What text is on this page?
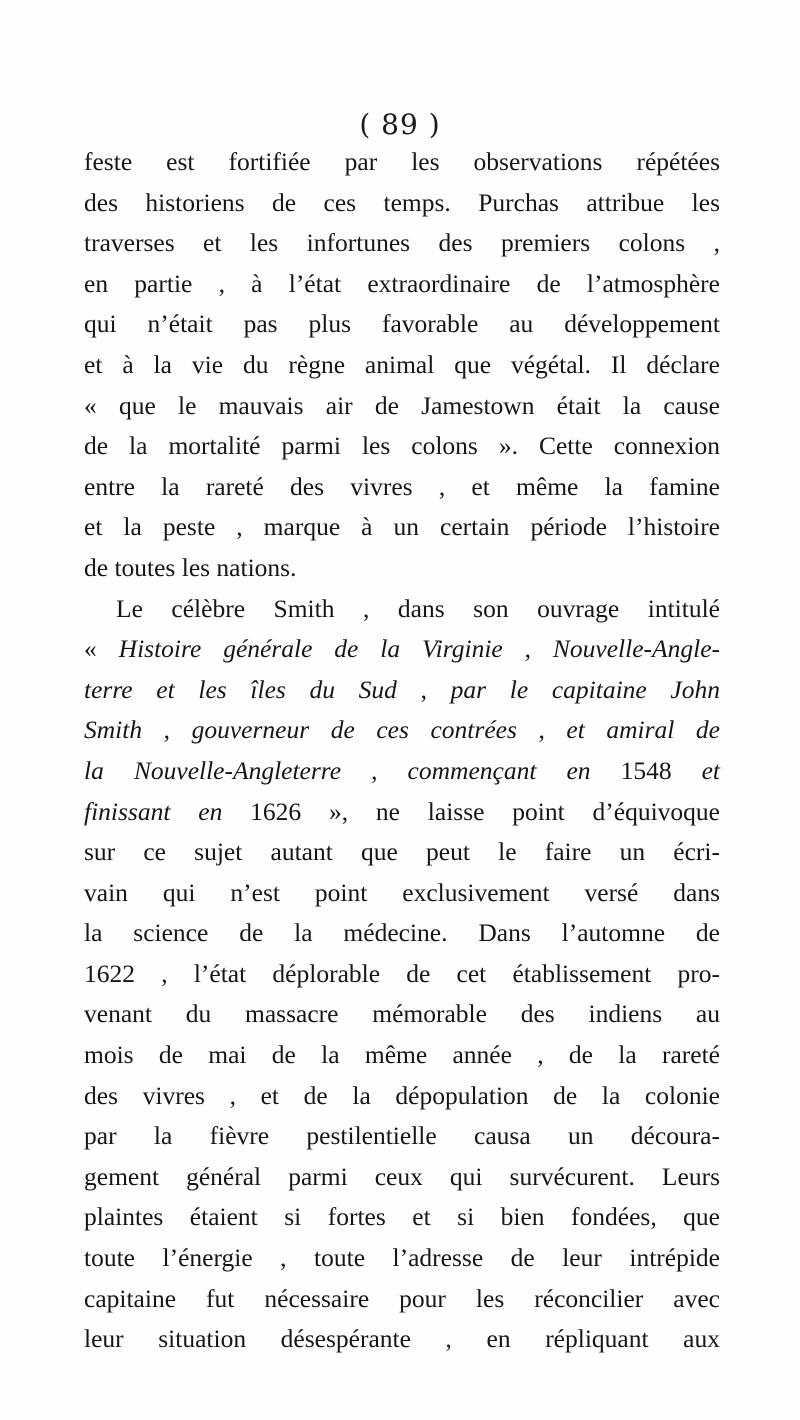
( 89 )
feste est fortifiée par les observations répétées
des historiens de ces temps. Purchas attribue les
traverses et les infortunes des premiers colons ,
en partie , à l’état extraordinaire de l’atmosphère
qui n’était pas plus favorable au développement
et à la vie du règne animal que végétal. Il déclare
« que le mauvais air de Jamestown était la cause
de la mortalité parmi les colons ». Cette connexion
entre la rareté des vivres , et même la famine
et la peste , marque à un certain période l’histoire
de toutes les nations.
Le célèbre Smith , dans son ouvrage intitulé
« Histoire générale de la Virginie , Nouvelle-Angle-
terre et les îles du Sud , par le capitaine John
Smith , gouverneur de ces contrées , et amiral de
la Nouvelle-Angleterre , commençant en 1548 et
finissant en 1626 », ne laisse point d’équivoque
sur ce sujet autant que peut le faire un écri-
vain qui n’est point exclusivement versé dans
la science de la médecine. Dans l’automne de
1622 , l’état déplorable de cet établissement pro-
venant du massacre mémorable des indiens au
mois de mai de la même année , de la rareté
des vivres , et de la dépopulation de la colonie
par la fièvre pestilentielle causa un découra-
gement général parmi ceux qui survécurent. Leurs
plaintes étaient si fortes et si bien fondées, que
toute l’énergie , toute l’adresse de leur intrépide
capitaine fut nécessaire pour les réconcilier avec
leur situation désespérante , en répliquant aux
